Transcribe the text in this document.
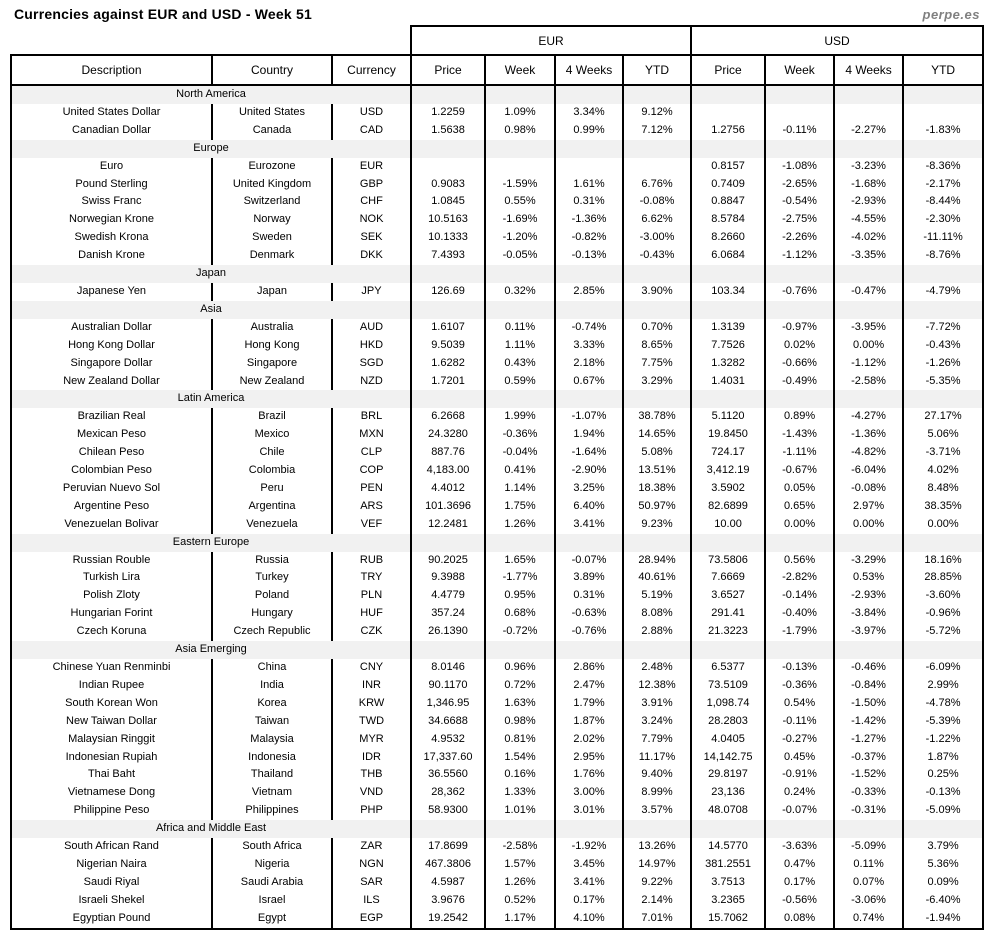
Currencies against EUR and USD - Week 51	perpe.es
			EUR				USD			
Description	Country	Currency	Price	Week	4 Weeks	YTD	Price	Week	4 Weeks	YTD
North America										
United States Dollar	United States	USD	1.2259	1.09%	3.34%	9.12%				
Canadian Dollar	Canada	CAD	1.5638	0.98%	0.99%	7.12%	1.2756	-0.11%	-2.27%	-1.83%
Europe										
Euro	Eurozone	EUR					0.8157	-1.08%	-3.23%	-8.36%
Pound Sterling	United Kingdom	GBP	0.9083	-1.59%	1.61%	6.76%	0.7409	-2.65%	-1.68%	-2.17%
Swiss Franc	Switzerland	CHF	1.0845	0.55%	0.31%	-0.08%	0.8847	-0.54%	-2.93%	-8.44%
Norwegian Krone	Norway	NOK	10.5163	-1.69%	-1.36%	6.62%	8.5784	-2.75%	-4.55%	-2.30%
Swedish Krona	Sweden	SEK	10.1333	-1.20%	-0.82%	-3.00%	8.2660	-2.26%	-4.02%	-11.11%
Danish Krone	Denmark	DKK	7.4393	-0.05%	-0.13%	-0.43%	6.0684	-1.12%	-3.35%	-8.76%
Japan										
Japanese Yen	Japan	JPY	126.69	0.32%	2.85%	3.90%	103.34	-0.76%	-0.47%	-4.79%
Asia										
Australian Dollar	Australia	AUD	1.6107	0.11%	-0.74%	0.70%	1.3139	-0.97%	-3.95%	-7.72%
Hong Kong Dollar	Hong Kong	HKD	9.5039	1.11%	3.33%	8.65%	7.7526	0.02%	0.00%	-0.43%
Singapore Dollar	Singapore	SGD	1.6282	0.43%	2.18%	7.75%	1.3282	-0.66%	-1.12%	-1.26%
New Zealand Dollar	New Zealand	NZD	1.7201	0.59%	0.67%	3.29%	1.4031	-0.49%	-2.58%	-5.35%
Latin America										
Brazilian Real	Brazil	BRL	6.2668	1.99%	-1.07%	38.78%	5.1120	0.89%	-4.27%	27.17%
Mexican Peso	Mexico	MXN	24.3280	-0.36%	1.94%	14.65%	19.8450	-1.43%	-1.36%	5.06%
Chilean Peso	Chile	CLP	887.76	-0.04%	-1.64%	5.08%	724.17	-1.11%	-4.82%	-3.71%
Colombian Peso	Colombia	COP	4,183.00	0.41%	-2.90%	13.51%	3,412.19	-0.67%	-6.04%	4.02%
Peruvian Nuevo Sol	Peru	PEN	4.4012	1.14%	3.25%	18.38%	3.5902	0.05%	-0.08%	8.48%
Argentine Peso	Argentina	ARS	101.3696	1.75%	6.40%	50.97%	82.6899	0.65%	2.97%	38.35%
Venezuelan Bolivar	Venezuela	VEF	12.2481	1.26%	3.41%	9.23%	10.00	0.00%	0.00%	0.00%
Eastern Europe										
Russian Rouble	Russia	RUB	90.2025	1.65%	-0.07%	28.94%	73.5806	0.56%	-3.29%	18.16%
Turkish Lira	Turkey	TRY	9.3988	-1.77%	3.89%	40.61%	7.6669	-2.82%	0.53%	28.85%
Polish Zloty	Poland	PLN	4.4779	0.95%	0.31%	5.19%	3.6527	-0.14%	-2.93%	-3.60%
Hungarian Forint	Hungary	HUF	357.24	0.68%	-0.63%	8.08%	291.41	-0.40%	-3.84%	-0.96%
Czech Koruna	Czech Republic	CZK	26.1390	-0.72%	-0.76%	2.88%	21.3223	-1.79%	-3.97%	-5.72%
Asia Emerging										
Chinese Yuan Renminbi	China	CNY	8.0146	0.96%	2.86%	2.48%	6.5377	-0.13%	-0.46%	-6.09%
Indian Rupee	India	INR	90.1170	0.72%	2.47%	12.38%	73.5109	-0.36%	-0.84%	2.99%
South Korean Won	Korea	KRW	1,346.95	1.63%	1.79%	3.91%	1,098.74	0.54%	-1.50%	-4.78%
New Taiwan Dollar	Taiwan	TWD	34.6688	0.98%	1.87%	3.24%	28.2803	-0.11%	-1.42%	-5.39%
Malaysian Ringgit	Malaysia	MYR	4.9532	0.81%	2.02%	7.79%	4.0405	-0.27%	-1.27%	-1.22%
Indonesian Rupiah	Indonesia	IDR	17,337.60	1.54%	2.95%	11.17%	14,142.75	0.45%	-0.37%	1.87%
Thai Baht	Thailand	THB	36.5560	0.16%	1.76%	9.40%	29.8197	-0.91%	-1.52%	0.25%
Vietnamese Dong	Vietnam	VND	28,362	1.33%	3.00%	8.99%	23,136	0.24%	-0.33%	-0.13%
Philippine Peso	Philippines	PHP	58.9300	1.01%	3.01%	3.57%	48.0708	-0.07%	-0.31%	-5.09%
Africa and Middle East										
South African Rand	South Africa	ZAR	17.8699	-2.58%	-1.92%	13.26%	14.5770	-3.63%	-5.09%	3.79%
Nigerian Naira	Nigeria	NGN	467.3806	1.57%	3.45%	14.97%	381.2551	0.47%	0.11%	5.36%
Saudi Riyal	Saudi Arabia	SAR	4.5987	1.26%	3.41%	9.22%	3.7513	0.17%	0.07%	0.09%
Israeli Shekel	Israel	ILS	3.9676	0.52%	0.17%	2.14%	3.2365	-0.56%	-3.06%	-6.40%
Egyptian Pound	Egypt	EGP	19.2542	1.17%	4.10%	7.01%	15.7062	0.08%	0.74%	-1.94%
